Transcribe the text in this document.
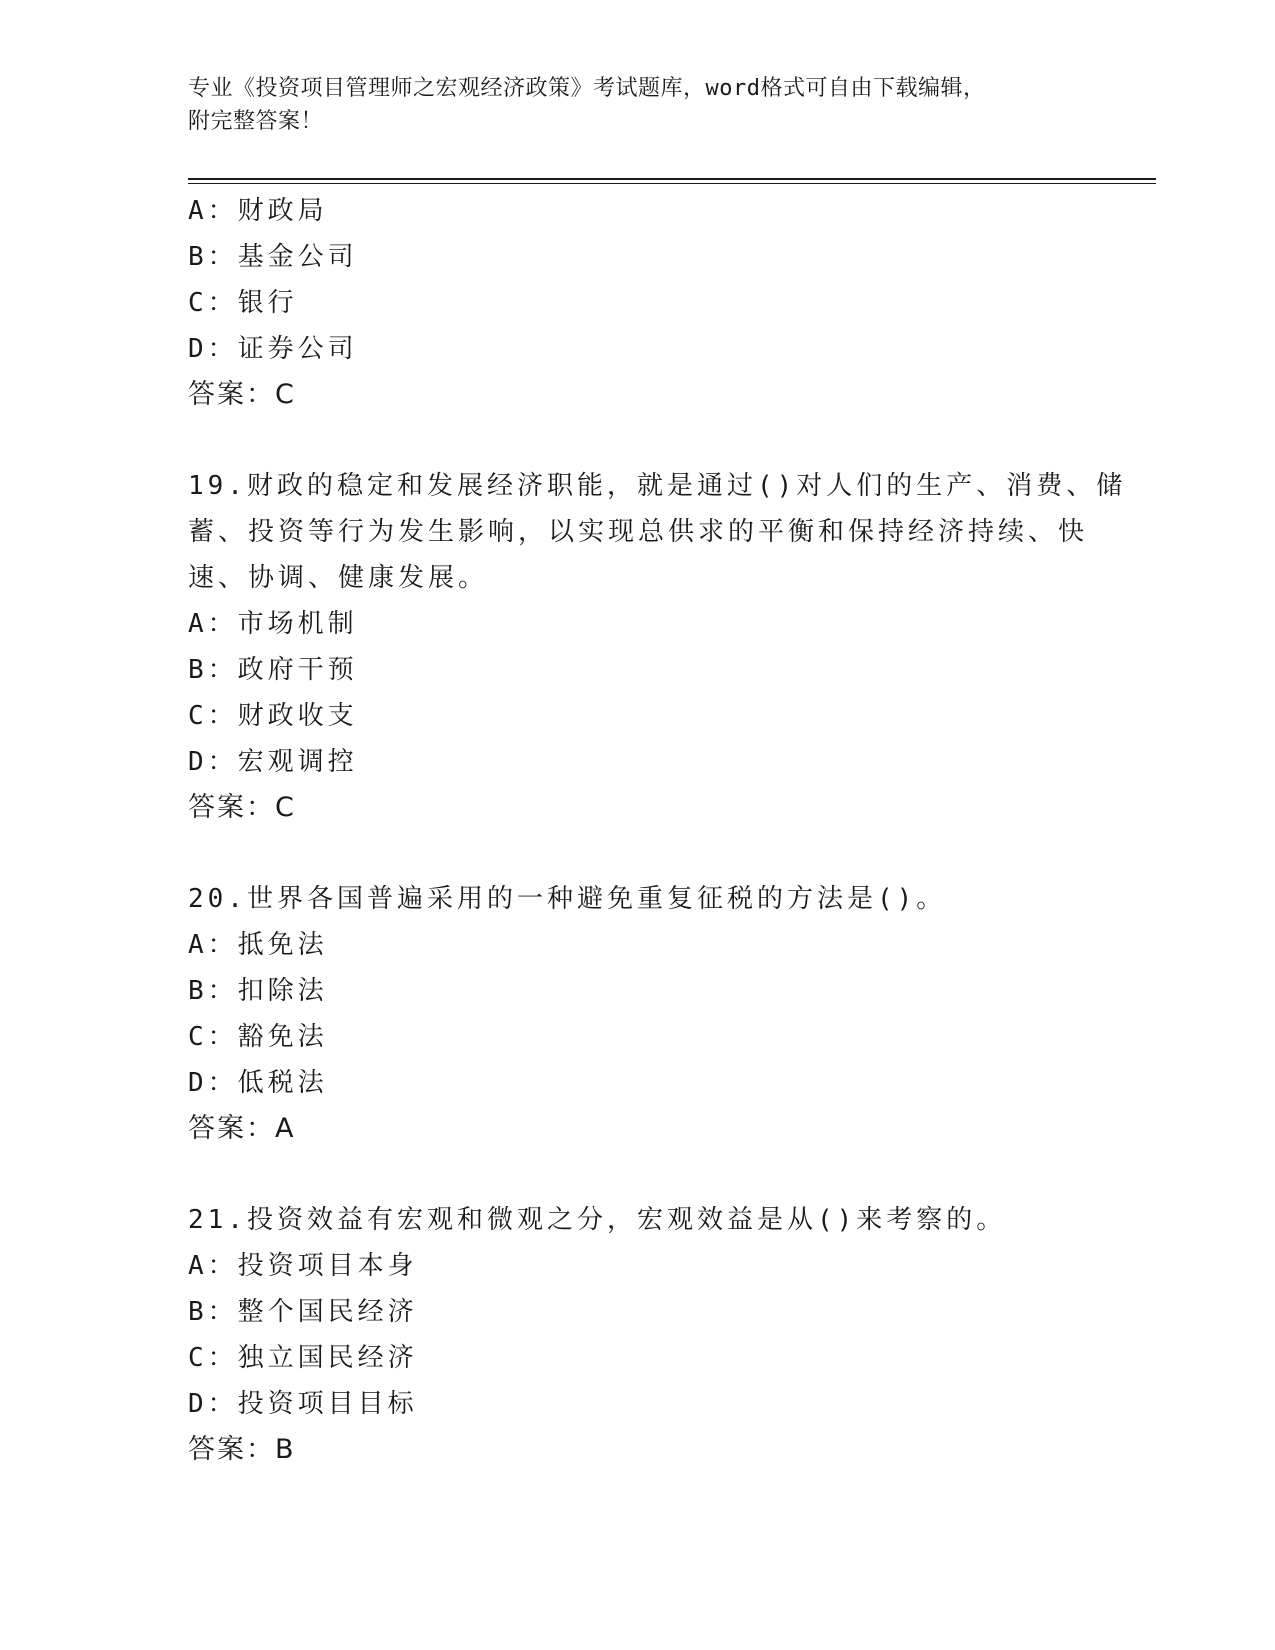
专业《投资项目管理师之宏观经济政策》考试题库，word格式可自由下载编辑，
附完整答案！

A：财政局

B：基金公司

C：银行

D：证券公司

答案：C

19.财政的稳定和发展经济职能，就是通过()对人们的生产、消费、储

蓄、投资等行为发生影响，以实现总供求的平衡和保持经济持续、快

速、协调、健康发展。

A：市场机制

B：政府干预

C：财政收支

D：宏观调控

答案：C

20.世界各国普遍采用的一种避免重复征税的方法是()。

A：抵免法

B：扣除法

C：豁免法

D：低税法

答案：A

21.投资效益有宏观和微观之分，宏观效益是从()来考察的。

A：投资项目本身

B：整个国民经济

C：独立国民经济

D：投资项目目标

答案：B
